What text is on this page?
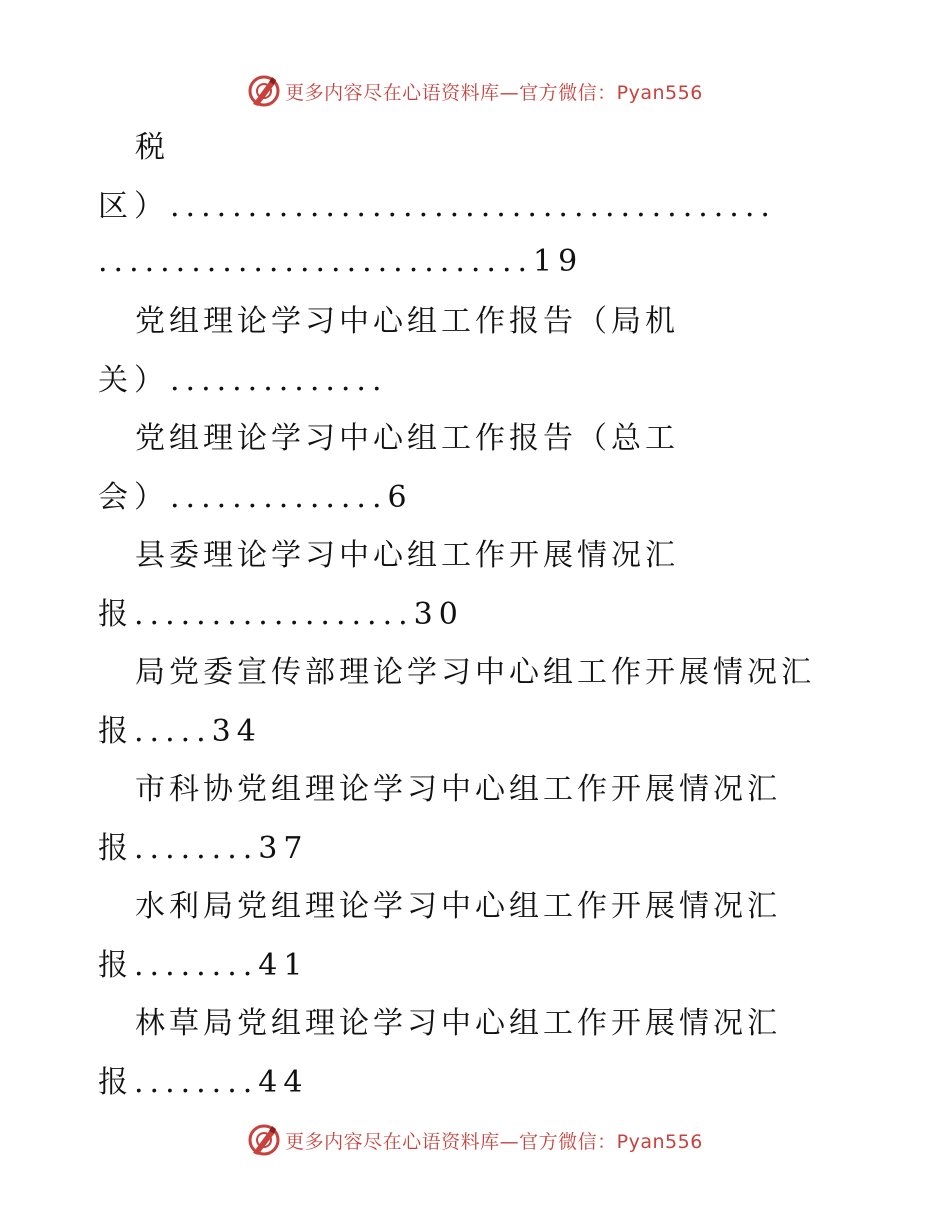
更多内容尽在心语资料库—官方微信：Pyan556
税
区）.......................................
............................19
党组理论学习中心组工作报告（局机
关）..............
党组理论学习中心组工作报告（总工
会）..............6
县委理论学习中心组工作开展情况汇
报..................30
局党委宣传部理论学习中心组工作开展情况汇
报.....34
市科协党组理论学习中心组工作开展情况汇
报........37
水利局党组理论学习中心组工作开展情况汇
报........41
林草局党组理论学习中心组工作开展情况汇
报........44
更多内容尽在心语资料库—官方微信：Pyan556
